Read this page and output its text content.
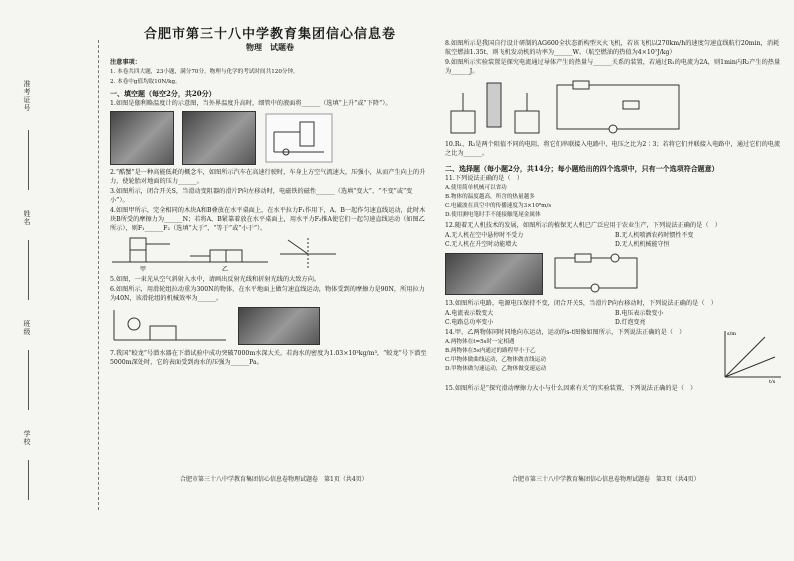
准考证号
姓名
班级
学校
合肥市第三十八中学教育集团信心信息卷
物理　试题卷
注意事项：
1. 本卷共四大题，23小题，满分70分。物理与化学的考试时间共120分钟。
2. 本卷中g值均取10N/kg。
一、填空题（每空2分，共20分）
1.如图是伽利略温度计的示意图，当外界温度升高时，细管中的液面将______（选填“上升”或“下降”）。
2.“酷蟹”是一种高能低耗的概念车，如图所示汽车在高速行驶时，车身上方空气流速大，压强小，从而产生向上的升力，使轮胎对地面的压力______。
3.如图所示，闭合开关S，当滑动变阻器的滑片P向左移动时，电磁铁的磁性______（选填“变大”、“不变”或“变小”）。
4.如图甲所示，完全相同的木块A和B叠放在水平桌面上，在水平拉力F₁作用下，A、B一起作匀速直线运动，此时木块B所受的摩擦力为______N；若将A、B紧靠着放在水平桌面上，用水平力F₂推A使它们一起匀速直线运动（如图乙所示），则F₁______F₂（选填“大于”、“等于”或“小于”）。
甲	乙
5.如图，一束光从空气斜射入水中，请画出反射光线和折射光线的大致方向。
6.如图所示，用滑轮组拉动重为300N的物体，在水平地面上做匀速直线运动，物体受到的摩擦力是90N，所用拉力为40N，该滑轮组的机械效率为______。
7.我国“蛟龙”号潜水器在下潜试验中成功突破7000m水深大关，若海水的密度为1.03×10³kg/m³，“蛟龙”号下潜至5000m深处时，它的表面受到海水的压强为______Pa。
合肥市第三十八中学教育集团信心信息卷物理试题卷　第1页（共4页）
8.如图所示是我国自行设计研制的AG600全状态新构型灭火飞机，若该飞机以270km/h的速度匀速直线航行20min，消耗航空燃油1.35t，则飞机发动机的功率为______W。（航空燃油的热值为4×10⁷J/kg）
9.如图所示实验装置是探究电流通过导体产生的热量与______关系的装置，若通过R₁的电流为2A，则1min内R₂产生的热量为______J。
10.R₁、R₂是两个阻值不同的电阻，将它们串联接入电路中，电压之比为2∶3；若将它们并联接入电路中，通过它们的电流之比为______。
二、选择题（每小题2分，共14分；每小题给出的四个选项中，只有一个选项符合题意）
11.下列说法正确的是（　）
A.使用简单机械可以省功
B.物体的温度越高，所含的热量越多
C.电磁波在真空中的传播速度为3×10⁸m/s
D.使用测电笔时手不能接触笔尾金属体
12.随着无人机技术的发展，如图所示的植保无人机已广泛应用于农业生产，下列说法正确的是（　）
A.无人机在空中悬停时不受力	B.无人机喷洒农药时惯性不变
C.无人机在升空时动能增大	D.无人机机械能守恒
13.如图所示电路，电源电压保持不变，闭合开关S，当滑片P向右移动时，下列说法正确的是（　）
A.电流表示数变大	B.电压表示数变小
C.电路总功率变小	D.灯泡变亮
14.甲、乙两物体同时同地向东运动，运动的s-t图像如图所示，下列说法正确的是（　）
A.两物体在t=5s时一定相遇
B.两物体在5s内通过的路程甲小于乙
C.甲物体做曲线运动，乙物体做直线运动
D.甲物体做匀速运动，乙物体做变速运动
s/m
t/s
15.如图所示是“探究滑动摩擦力大小与什么因素有关”的实验装置，下列说法正确的是（　）
合肥市第三十八中学教育集团信心信息卷物理试题卷　第3页（共4页）
